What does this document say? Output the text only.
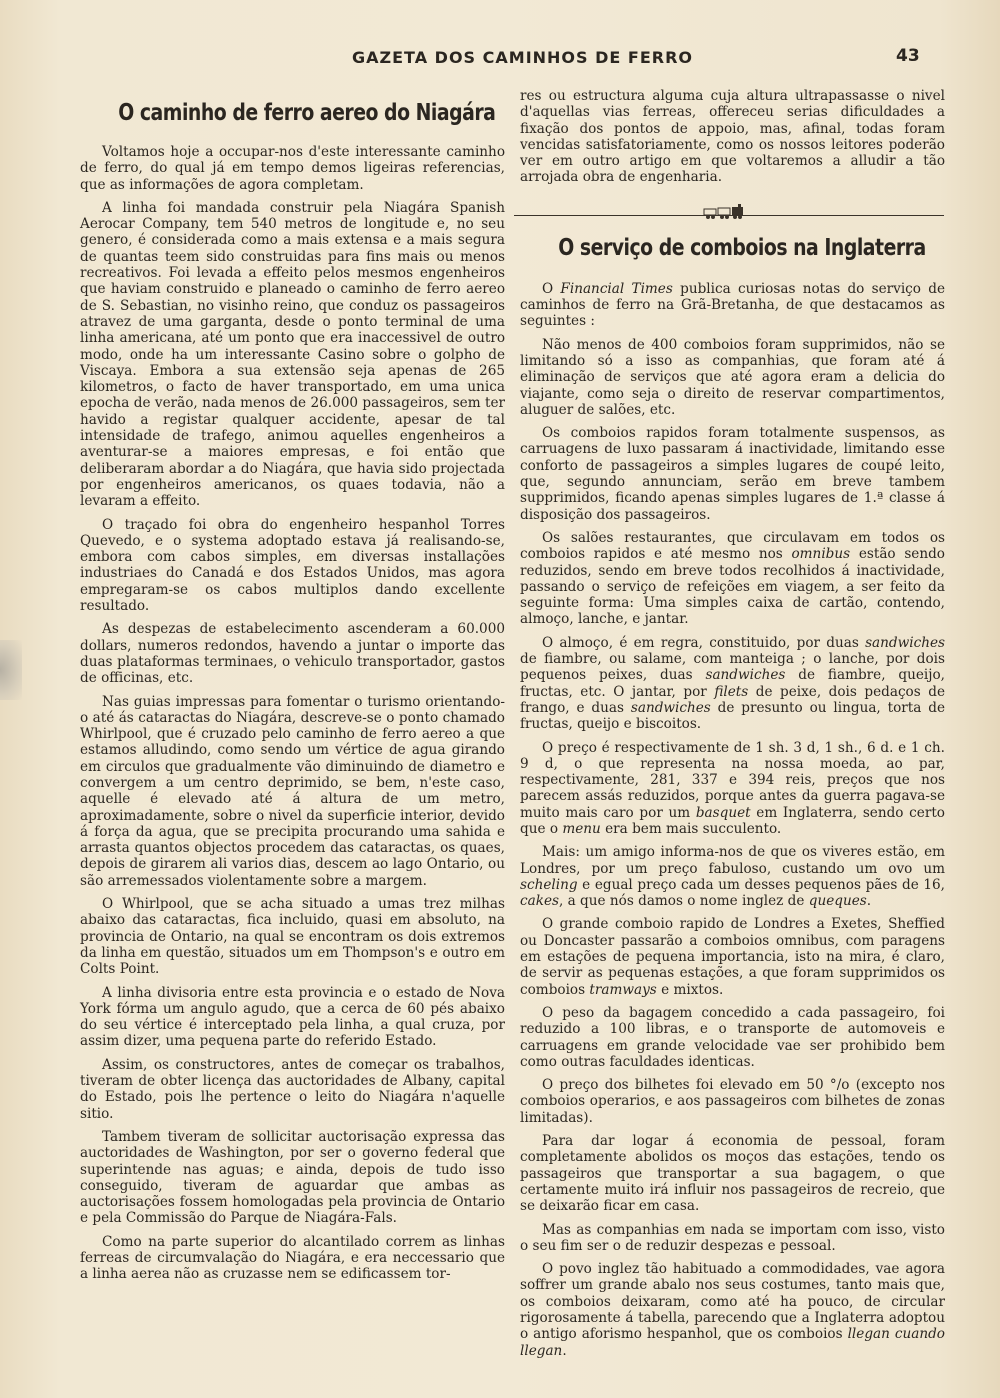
GAZETA DOS CAMINHOS DE FERRO	43
O caminho de ferro aereo do Niagára

Voltamos hoje a occupar-nos d'este interessante caminho de ferro, do qual já em tempo demos ligeiras referencias, que as informações de agora completam.

A linha foi mandada construir pela Niagára Spanish Aerocar Company, tem 540 metros de longitude e, no seu genero, é considerada como a mais extensa e a mais segura de quantas teem sido construidas para fins mais ou menos recreativos. Foi levada a effeito pelos mesmos engenheiros que haviam construido e planeado o caminho de ferro aereo de S. Sebastian, no visinho reino, que conduz os passageiros atravez de uma garganta, desde o ponto terminal de uma linha americana, até um ponto que era inaccessivel de outro modo, onde ha um interessante Casino sobre o golpho de Viscaya. Embora a sua extensão seja apenas de 265 kilometros, o facto de haver transportado, em uma unica epocha de verão, nada menos de 26.000 passageiros, sem ter havido a registar qualquer accidente, apesar de tal intensidade de trafego, animou aquelles engenheiros a aventurar-se a maiores empresas, e foi então que deliberaram abordar a do Niagára, que havia sido projectada por engenheiros americanos, os quaes todavia, não a levaram a effeito.

O traçado foi obra do engenheiro hespanhol Torres Quevedo, e o systema adoptado estava já realisando-se, embora com cabos simples, em diversas installações industriaes do Canadá e dos Estados Unidos, mas agora empregaram-se os cabos multiplos dando excellente resultado.

As despezas de estabelecimento ascenderam a 60.000 dollars, numeros redondos, havendo a juntar o importe das duas plataformas terminaes, o vehiculo transportador, gastos de officinas, etc.

Nas guias impressas para fomentar o turismo orientando-o até ás cataractas do Niagára, descreve-se o ponto chamado Whirlpool, que é cruzado pelo caminho de ferro aereo a que estamos alludindo, como sendo um vértice de agua girando em circulos que gradualmente vão diminuindo de diametro e convergem a um centro deprimido, se bem, n'este caso, aquelle é elevado até á altura de um metro, aproximadamente, sobre o nivel da superficie interior, devido á força da agua, que se precipita procurando uma sahida e arrasta quantos objectos procedem das cataractas, os quaes, depois de girarem ali varios dias, descem ao lago Ontario, ou são arremessados violentamente sobre a margem.

O Whirlpool, que se acha situado a umas trez milhas abaixo das cataractas, fica incluido, quasi em absoluto, na provincia de Ontario, na qual se encontram os dois extremos da linha em questão, situados um em Thompson's e outro em Colts Point.

A linha divisoria entre esta provincia e o estado de Nova York fórma um angulo agudo, que a cerca de 60 pés abaixo do seu vértice é interceptado pela linha, a qual cruza, por assim dizer, uma pequena parte do referido Estado.

Assim, os constructores, antes de começar os trabalhos, tiveram de obter licença das auctoridades de Albany, capital do Estado, pois lhe pertence o leito do Niagára n'aquelle sitio.

Tambem tiveram de sollicitar auctorisação expressa das auctoridades de Washington, por ser o governo federal que superintende nas aguas; e ainda, depois de tudo isso conseguido, tiveram de aguardar que ambas as auctorisações fossem homologadas pela provincia de Ontario e pela Commissão do Parque de Niagára-Fals.

Como na parte superior do alcantilado correm as linhas ferreas de circumvalação do Niagára, e era neccessario que a linha aerea não as cruzasse nem se edificassem tor-

res ou estructura alguma cuja altura ultrapassasse o nivel d'aquellas vias ferreas, offereceu serias dificuldades a fixação dos pontos de appoio, mas, afinal, todas foram vencidas satisfatoriamente, como os nossos leitores poderão ver em outro artigo em que voltaremos a alludir a tão arrojada obra de engenharia.

O serviço de comboios na Inglaterra

O Financial Times publica curiosas notas do serviço de caminhos de ferro na Grã-Bretanha, de que destacamos as seguintes :

Não menos de 400 comboios foram supprimidos, não se limitando só a isso as companhias, que foram até á eliminação de serviços que até agora eram a delicia do viajante, como seja o direito de reservar compartimentos, aluguer de salões, etc.

Os comboios rapidos foram totalmente suspensos, as carruagens de luxo passaram á inactividade, limitando esse conforto de passageiros a simples lugares de coupé leito, que, segundo annunciam, serão em breve tambem supprimidos, ficando apenas simples lugares de 1.ª classe á disposição dos passageiros.

Os salões restaurantes, que circulavam em todos os comboios rapidos e até mesmo nos omnibus estão sendo reduzidos, sendo em breve todos recolhidos á inactividade, passando o serviço de refeições em viagem, a ser feito da seguinte forma: Uma simples caixa de cartão, contendo, almoço, lanche, e jantar.

O almoço, é em regra, constituido, por duas sandwiches de fiambre, ou salame, com manteiga ; o lanche, por dois pequenos peixes, duas sandwiches de fiambre, queijo, fructas, etc. O jantar, por filets de peixe, dois pedaços de frango, e duas sandwiches de presunto ou lingua, torta de fructas, queijo e biscoitos.

O preço é respectivamente de 1 sh. 3 d, 1 sh., 6 d. e 1 ch. 9 d, o que representa na nossa moeda, ao par, respectivamente, 281, 337 e 394 reis, preços que nos parecem assás reduzidos, porque antes da guerra pagava-se muito mais caro por um basquet em Inglaterra, sendo certo que o menu era bem mais succulento.

Mais: um amigo informa-nos de que os viveres estão, em Londres, por um preço fabuloso, custando um ovo um scheling e egual preço cada um desses pequenos pães de 16, cakes, a que nós damos o nome inglez de queques.

O grande comboio rapido de Londres a Exetes, Sheffied ou Doncaster passarão a comboios omnibus, com paragens em estações de pequena importancia, isto na mira, é claro, de servir as pequenas estações, a que foram supprimidos os comboios tramways e mixtos.

O peso da bagagem concedido a cada passageiro, foi reduzido a 100 libras, e o transporte de automoveis e carruagens em grande velocidade vae ser prohibido bem como outras faculdades identicas.

O preço dos bilhetes foi elevado em 50 °/o (excepto nos comboios operarios, e aos passageiros com bilhetes de zonas limitadas).

Para dar logar á economia de pessoal, foram completamente abolidos os moços das estações, tendo os passageiros que transportar a sua bagagem, o que certamente muito irá influir nos passageiros de recreio, que se deixarão ficar em casa.

Mas as companhias em nada se importam com isso, visto o seu fim ser o de reduzir despezas e pessoal.

O povo inglez tão habituado a commodidades, vae agora soffrer um grande abalo nos seus costumes, tanto mais que, os comboios deixaram, como até ha pouco, de circular rigorosamente á tabella, parecendo que a Inglaterra adoptou o antigo aforismo hespanhol, que os comboios llegan cuando llegan.
